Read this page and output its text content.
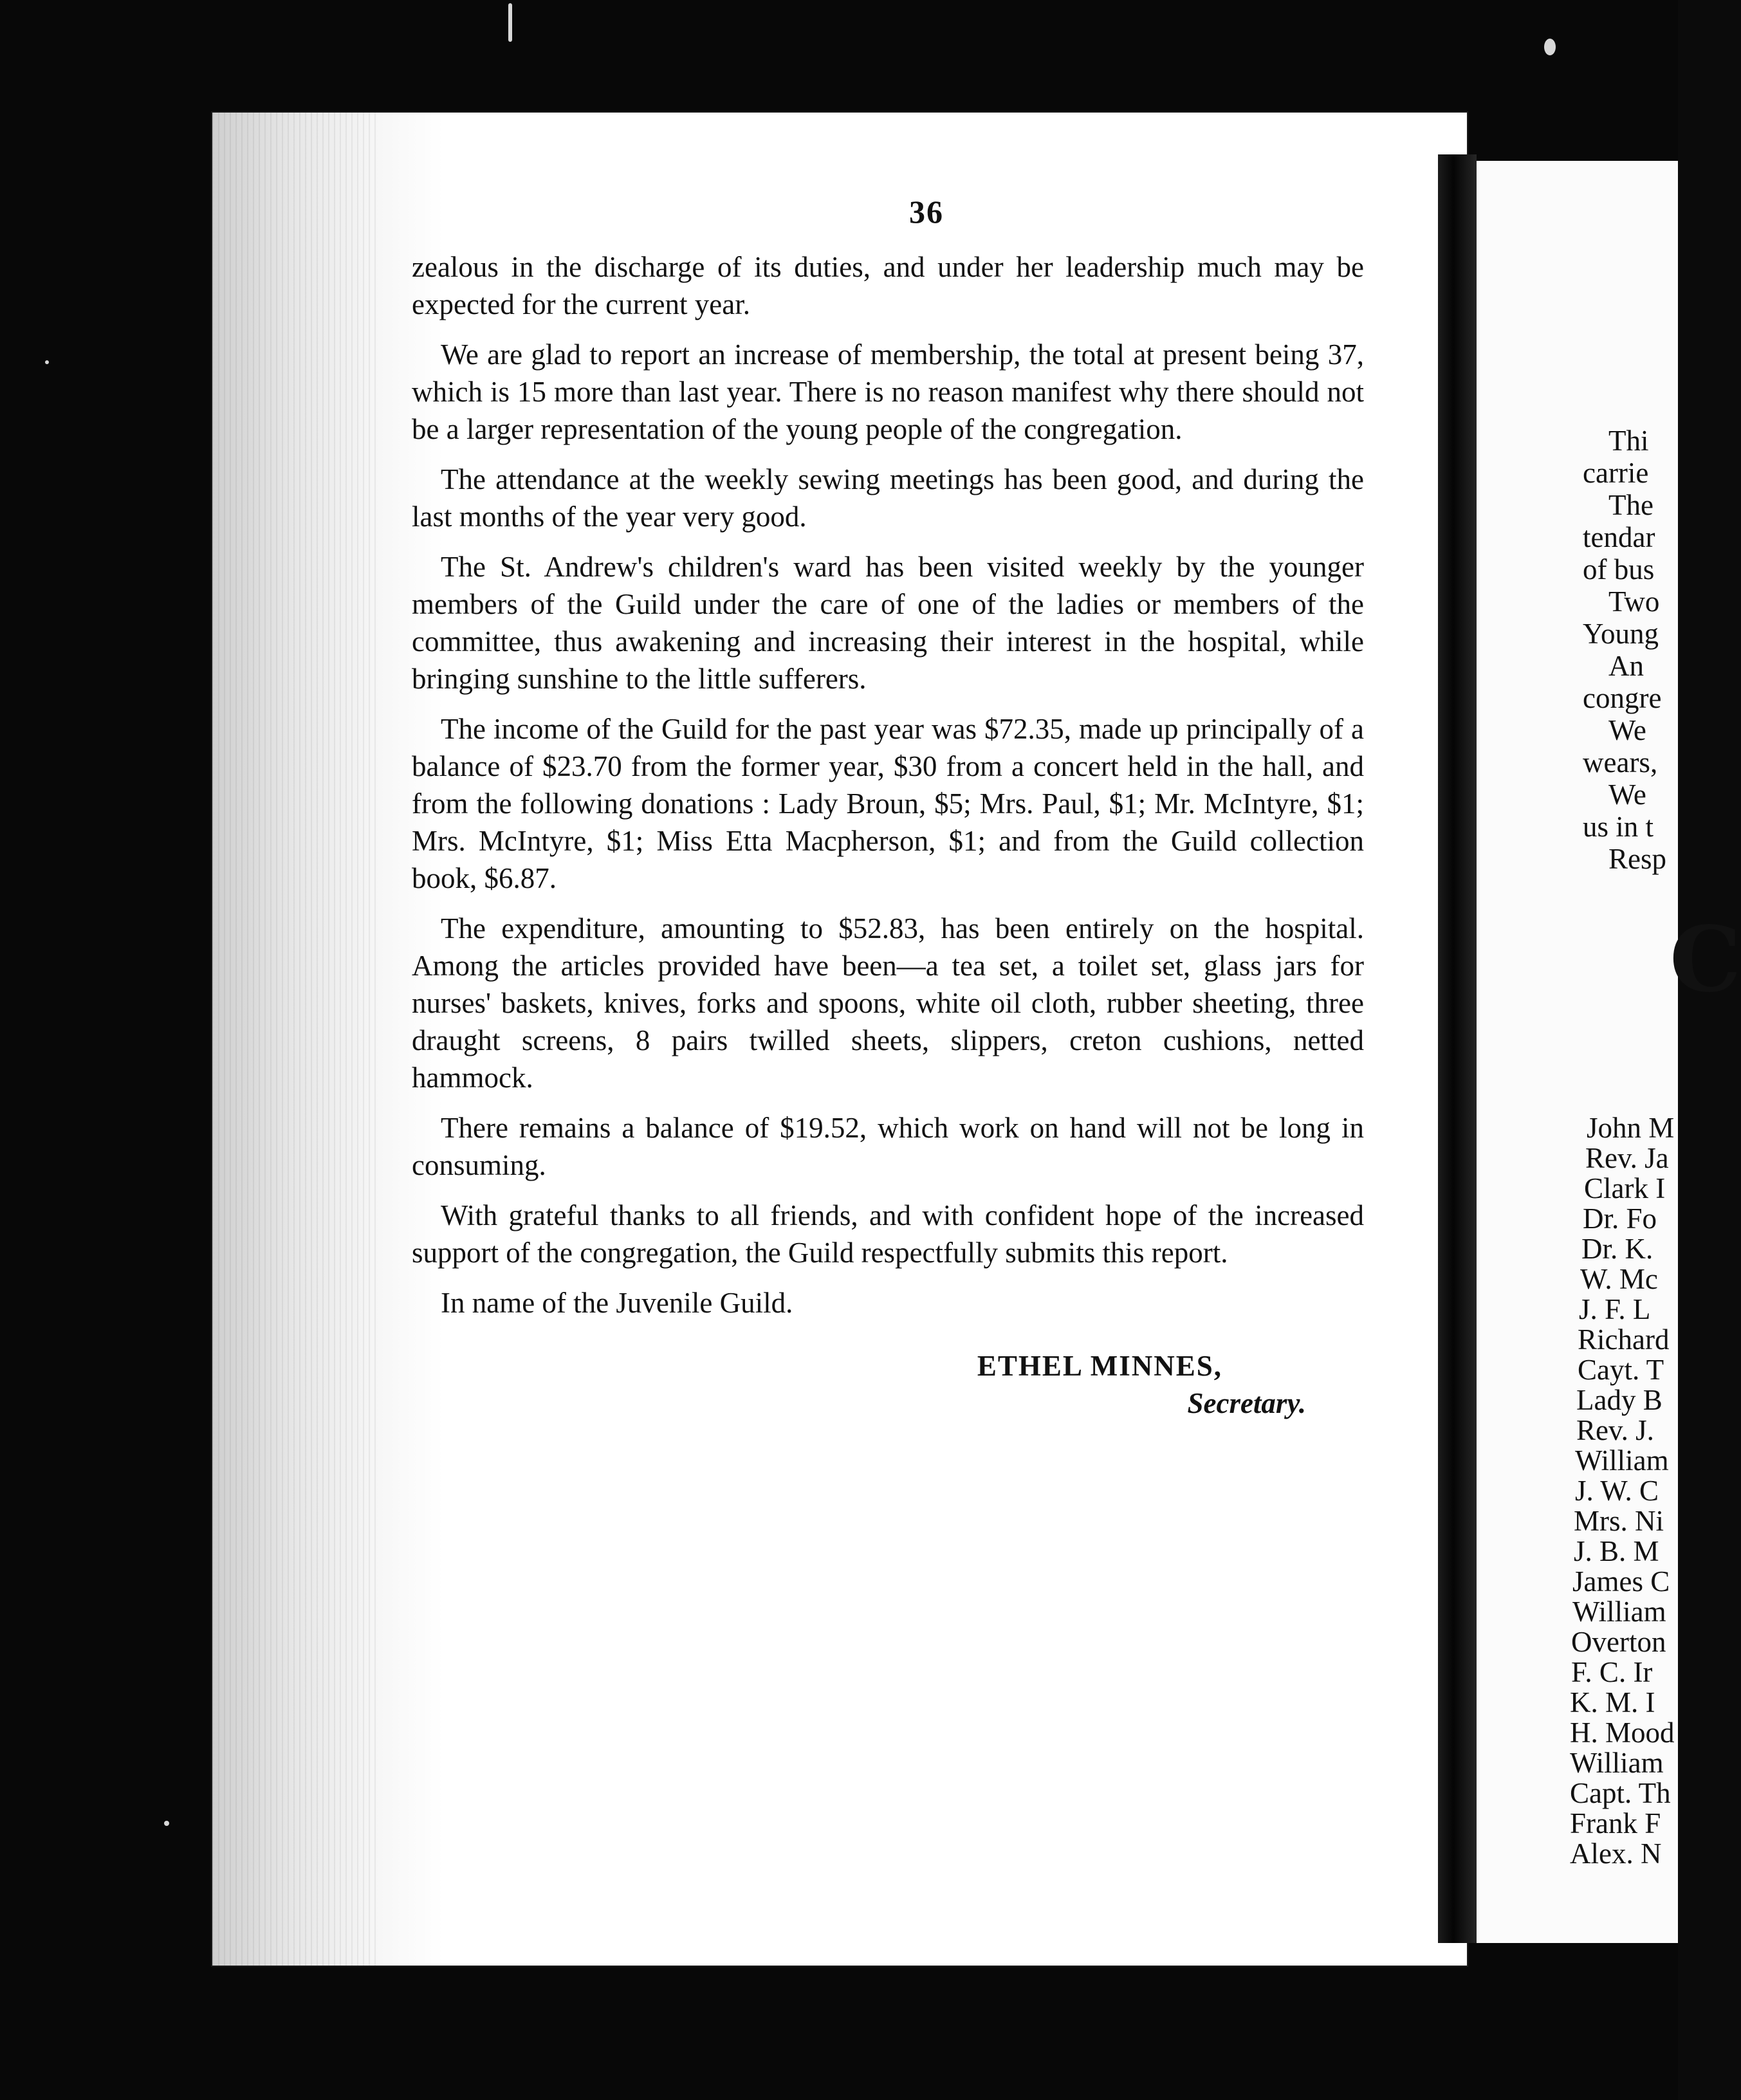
36

zealous in the discharge of its duties, and under her leadership much may be expected for the current year.

We are glad to report an increase of membership, the total at present being 37, which is 15 more than last year. There is no reason manifest why there should not be a larger representation of the young people of the congregation.

The attendance at the weekly sewing meetings has been good, and during the last months of the year very good.

The St. Andrew's children's ward has been visited weekly by the younger members of the Guild under the care of one of the ladies or members of the committee, thus awakening and increasing their interest in the hospital, while bringing sunshine to the little sufferers.

The income of the Guild for the past year was $72.35, made up principally of a balance of $23.70 from the former year, $30 from a concert held in the hall, and from the following donations : Lady Broun, $5; Mrs. Paul, $1; Mr. McIntyre, $1; Mrs. McIntyre, $1; Miss Etta Macpherson, $1; and from the Guild collection book, $6.87.

The expenditure, amounting to $52.83, has been entirely on the hospital. Among the articles provided have been—a tea set, a toilet set, glass jars for nurses' baskets, knives, forks and spoons, white oil cloth, rubber sheeting, three draught screens, 8 pairs twilled sheets, slippers, creton cushions, netted hammock.

There remains a balance of $19.52, which work on hand will not be long in consuming.

With grateful thanks to all friends, and with confident hope of the increased support of the congregation, the Guild respectfully submits this report.

In name of the Juvenile Guild.

ETHEL MINNES,
Secretary.
Thi
carrie
The
tendar
of bus
Two
Young
An
congre
We
wears,
We
us in t
Resp
C
John M
Rev. Ja
Clark I
Dr. Fo
Dr. K.
W. Mc
J. F. L
Richard
Cayt. T
Lady B
Rev. J.
William
J. W. C
Mrs. Ni
J. B. M
James C
William
Overton
F. C. Ir
K. M. I
H. Mood
William
Capt. Th
Frank F
Alex. N
